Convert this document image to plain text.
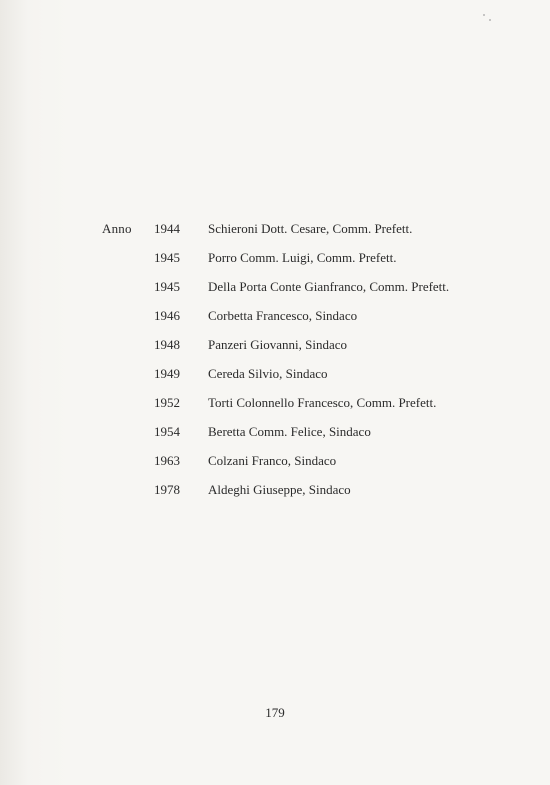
Anno 1944	Schieroni Dott. Cesare, Comm. Prefett.
1945	Porro Comm. Luigi, Comm. Prefett.
1945	Della Porta Conte Gianfranco, Comm. Prefett.
1946	Corbetta Francesco, Sindaco
1948	Panzeri Giovanni, Sindaco
1949	Cereda Silvio, Sindaco
1952	Torti Colonnello Francesco, Comm. Prefett.
1954	Beretta Comm. Felice, Sindaco
1963	Colzani Franco, Sindaco
1978	Aldeghi Giuseppe, Sindaco
179
